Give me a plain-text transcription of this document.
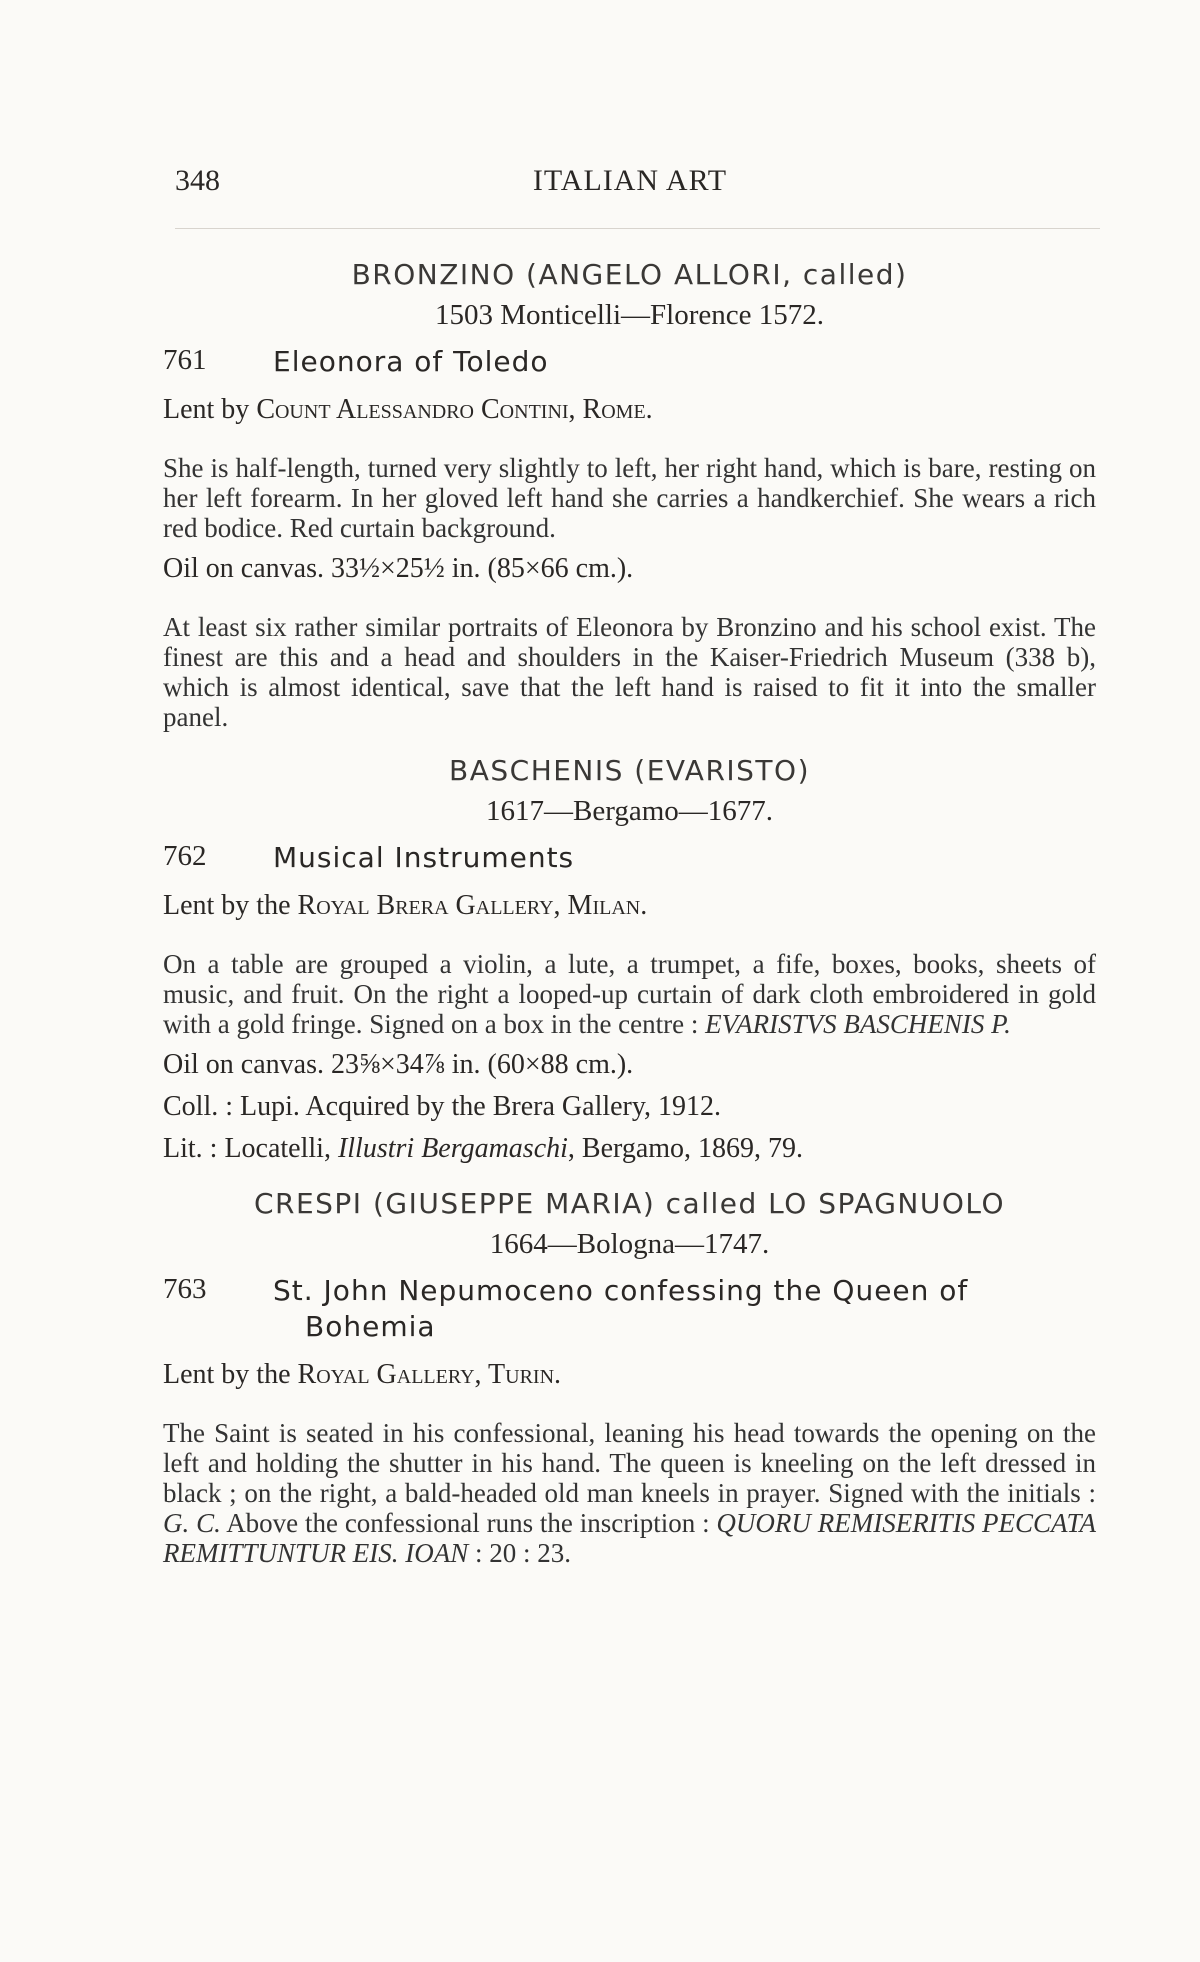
348	ITALIAN ART
BRONZINO (ANGELO ALLORI, called)
1503 Monticelli—Florence 1572.
761	Eleonora of Toledo
Lent by Count Alessandro Contini, Rome.

She is half-length, turned very slightly to left, her right hand, which is bare, resting on her left forearm. In her gloved left hand she carries a handkerchief. She wears a rich red bodice. Red curtain background.

Oil on canvas. 33½×25½ in. (85×66 cm.).

At least six rather similar portraits of Eleonora by Bronzino and his school exist. The finest are this and a head and shoulders in the Kaiser-Friedrich Museum (338 b), which is almost identical, save that the left hand is raised to fit it into the smaller panel.

BASCHENIS (EVARISTO)
1617—Bergamo—1677.
762	Musical Instruments
Lent by the Royal Brera Gallery, Milan.

On a table are grouped a violin, a lute, a trumpet, a fife, boxes, books, sheets of music, and fruit. On the right a looped-up curtain of dark cloth embroidered in gold with a gold fringe. Signed on a box in the centre : EVARISTVS BASCHENIS P.

Oil on canvas. 23⅝×34⅞ in. (60×88 cm.).
Coll. : Lupi. Acquired by the Brera Gallery, 1912.
Lit. : Locatelli, Illustri Bergamaschi, Bergamo, 1869, 79.
CRESPI (GIUSEPPE MARIA) called LO SPAGNUOLO
1664—Bologna—1747.
763	St. John Nepumoceno confessing the Queen of
Bohemia
Lent by the Royal Gallery, Turin.

The Saint is seated in his confessional, leaning his head towards the opening on the left and holding the shutter in his hand. The queen is kneeling on the left dressed in black ; on the right, a bald-headed old man kneels in prayer. Signed with the initials : G. C. Above the confessional runs the inscription : QUORU REMISERITIS PECCATA REMITTUNTUR EIS. IOAN : 20 : 23.
